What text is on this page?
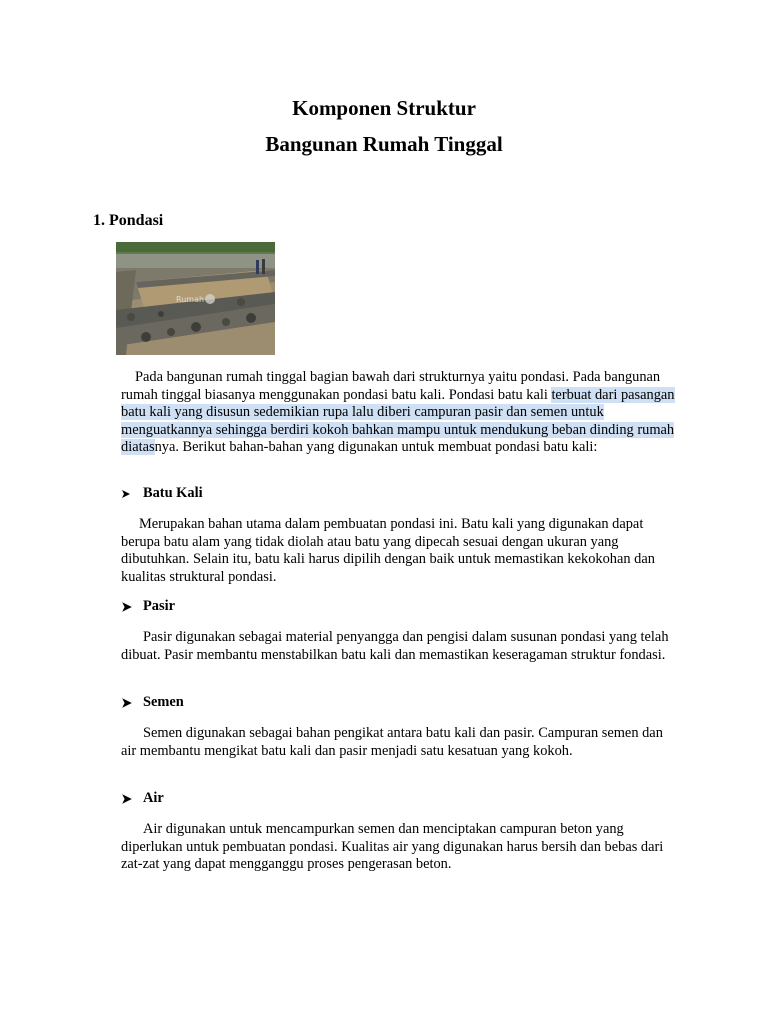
Komponen Struktur
Bangunan Rumah Tinggal
1. Pondasi
Rumah

Pada bangunan rumah tinggal bagian bawah dari strukturnya yaitu pondasi. Pada bangunan rumah tinggal biasanya menggunakan pondasi batu kali. Pondasi batu kali terbuat dari pasangan batu kali yang disusun sedemikian rupa lalu diberi campuran pasir dan semen untuk menguatkannya sehingga berdiri kokoh bahkan mampu untuk mendukung beban dinding rumah diatasnya. Berikut bahan-bahan yang digunakan untuk membuat pondasi batu kali:

Batu Kali

Merupakan bahan utama dalam pembuatan pondasi ini. Batu kali yang digunakan dapat berupa batu alam yang tidak diolah atau batu yang dipecah sesuai dengan ukuran yang dibutuhkan. Selain itu, batu kali harus dipilih dengan baik untuk memastikan kekokohan dan kualitas struktural pondasi.

Pasir

Pasir digunakan sebagai material penyangga dan pengisi dalam susunan pondasi yang telah dibuat. Pasir membantu menstabilkan batu kali dan memastikan keseragaman struktur fondasi.

Semen

Semen digunakan sebagai bahan pengikat antara batu kali dan pasir. Campuran semen dan air membantu mengikat batu kali dan pasir menjadi satu kesatuan yang kokoh.

Air

Air digunakan untuk mencampurkan semen dan menciptakan campuran beton yang diperlukan untuk pembuatan pondasi. Kualitas air yang digunakan harus bersih dan bebas dari zat-zat yang dapat mengganggu proses pengerasan beton.
